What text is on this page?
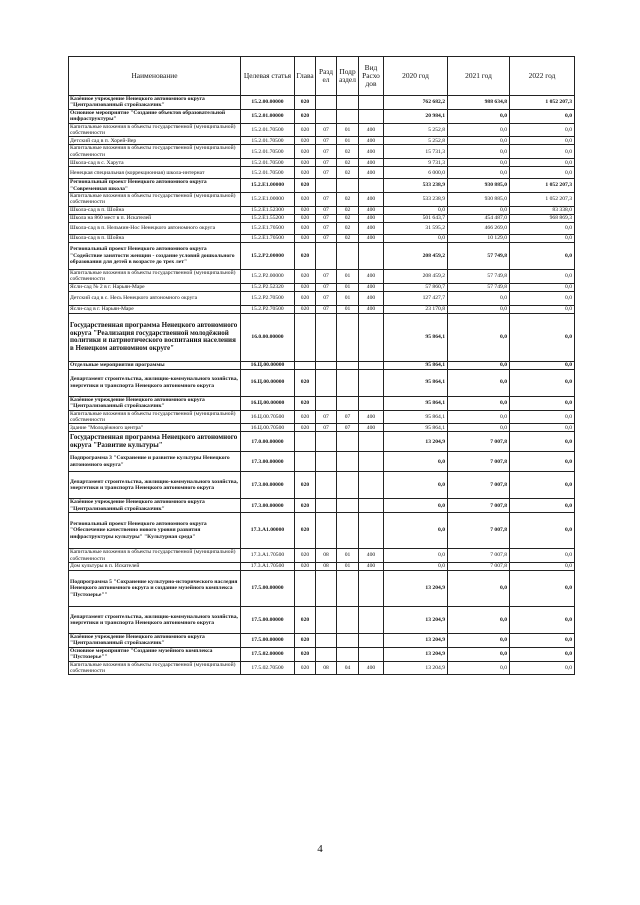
Наименование	Целевая статья	Глава	Разд ел	Подр аздел	Вид Расхо дов	2020 год	2021 год	2022 год
Казённое учреждение Ненецкого автономного округа "Централизованный стройзаказчик"	15.2.00.00000	020				762 682,2	988 634,8	1 052 207,3
Основное мероприятие "Создание объектов образовательной инфраструктуры"	15.2.01.00000	020				20 984,1	0,0	0,0
Капитальные вложения в объекты государственной (муниципальной) собственности	15.2.01.70500	020	07	01	400	5 252,8	0,0	0,0
Детский сад в п. Хорей-Вер	15.2.01.70500	020	07	01	400	5 252,8	0,0	0,0
Капитальные вложения в объекты государственной (муниципальной) собственности	15.2.01.70500	020	07	02	400	15 731,3	0,0	0,0
Школа-сад в с. Харута	15.2.01.70500	020	07	02	400	9 731,3	0,0	0,0
Ненецкая специальная (коррекционная) школа-интернат	15.2.01.70500	020	07	02	400	6 000,0	0,0	0,0
Региональный проект Ненецкого автономного округа "Современная школа"	15.2.E1.00000	020				533 238,9	930 885,0	1 052 207,3
Капитальные вложения в объекты государственной (муниципальной) собственности	15.2.E1.00000	020	07	02	400	533 238,9	930 885,0	1 052 207,3
Школа-сад в п. Шойна	15.2.E1.52300	020	07	02	400	0,0	0,0	83 338,0
Школа на 860 мест в п. Искателей	15.2.E1.55200	020	07	02	400	501 643,7	454 487,0	968 869,3
Школа-сад в п. Нельмин-Нос Ненецкого автономного округа	15.2.E1.70500	020	07	02	400	31 595,2	466 269,0	0,0
Школа-сад в п. Шойна	15.2.E1.70500	020	07	02	400	0,0	10 129,0	0,0
Региональный проект Ненецкого автономного округа "Содействие занятости женщин - создание условий дошкольного образования для детей в возрасте до трех лет"	15.2.P2.00000	020				208 459,2	57 749,8	0,0
Капитальные вложения в объекты государственной (муниципальной) собственности	15.2.P2.00000	020	07	01	400	208 459,2	57 749,8	0,0
Ясли-сад № 2 в г. Нарьян-Маре	15.2.P2.52320	020	07	01	400	57 860,7	57 749,8	0,0
Детский сад в с. Несь Ненецкого автономного округа	15.2.P2.70500	020	07	01	400	127 427,7	0,0	0,0
Ясли-сад в г. Нарьян-Маре	15.2.P2.70500	020	07	01	400	23 170,8	0,0	0,0
Государственная программа Ненецкого автономного округа "Реализация государственной молодёжной политики и патриотического воспитания населения в Ненецком автономном округе"	16.0.00.00000					95 864,1	0,0	0,0
Отдельные мероприятия программы	16.Ц.00.00000					95 864,1	0,0	0,0
Департамент строительства, жилищно-коммунального хозяйства, энергетики и транспорта Ненецкого автономного округа	16.Ц.00.00000	020				95 864,1	0,0	0,0
Казённое учреждение Ненецкого автономного округа "Централизованный стройзаказчик"	16.Ц.00.00000	020				95 864,1	0,0	0,0
Капитальные вложения в объекты государственной (муниципальной) собственности	16.Ц.00.70500	020	07	07	400	95 864,1	0,0	0,0
Здание "Молодёжного центра"	16.Ц.00.70500	020	07	07	400	95 864,1	0,0	0,0
Государственная программа Ненецкого автономного округа "Развитие культуры"	17.0.00.00000					13 204,9	7 007,8	0,0
Подпрограмма 3 "Сохранение и развитие культуры Ненецкого автономного округа"	17.3.00.00000					0,0	7 007,8	0,0
Департамент строительства, жилищно-коммунального хозяйства, энергетики и транспорта Ненецкого автономного округа	17.3.00.00000	020				0,0	7 007,8	0,0
Казённое учреждение Ненецкого автономного округа "Централизованный стройзаказчик"	17.3.00.00000	020				0,0	7 007,8	0,0
Региональный проект Ненецкого автономного округа "Обеспечение качественно нового уровня развития инфраструктуры культуры" "Культурная среда"	17.3.A1.00000	020				0,0	7 007,8	0,0
Капитальные вложения в объекты государственной (муниципальной) собственности	17.3.A1.70500	020	08	01	400	0,0	7 007,8	0,0
Дом культуры в п. Искателей	17.3.A1.70500	020	08	01	400	0,0	7 007,8	0,0
Подпрограмма 5 "Сохранение культурно-исторического наследия Ненецкого автономного округа и создание музейного комплекса "Пустозерье""	17.5.00.00000					13 204,9	0,0	0,0
Департамент строительства, жилищно-коммунального хозяйства, энергетики и транспорта Ненецкого автономного округа	17.5.00.00000	020				13 204,9	0,0	0,0
Казённое учреждение Ненецкого автономного округа "Централизованный стройзаказчик"	17.5.00.00000	020				13 204,9	0,0	0,0
Основное мероприятие "Создание музейного комплекса "Пустозерье""	17.5.02.00000	020				13 204,9	0,0	0,0
Капитальные вложения в объекты государственной (муниципальной) собственности	17.5.02.70500	020	08	04	400	13 204,9	0,0	0,0
4
